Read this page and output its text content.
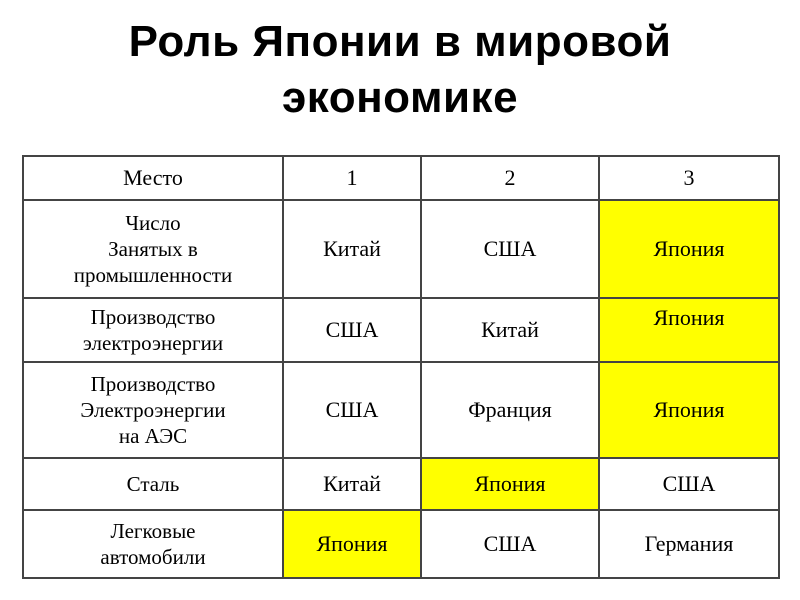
Роль Японии в мировой
экономике
Место	1	2	3

Число
Занятых в
промышленности	Китай	США	Япония

Производство
электроэнергии	США	Китай	Япония

Производство
Электроэнергии
на АЭС	США	Франция	Япония

Сталь	Китай	Япония	США

Легковые
автомобили	Япония	США	Германия
